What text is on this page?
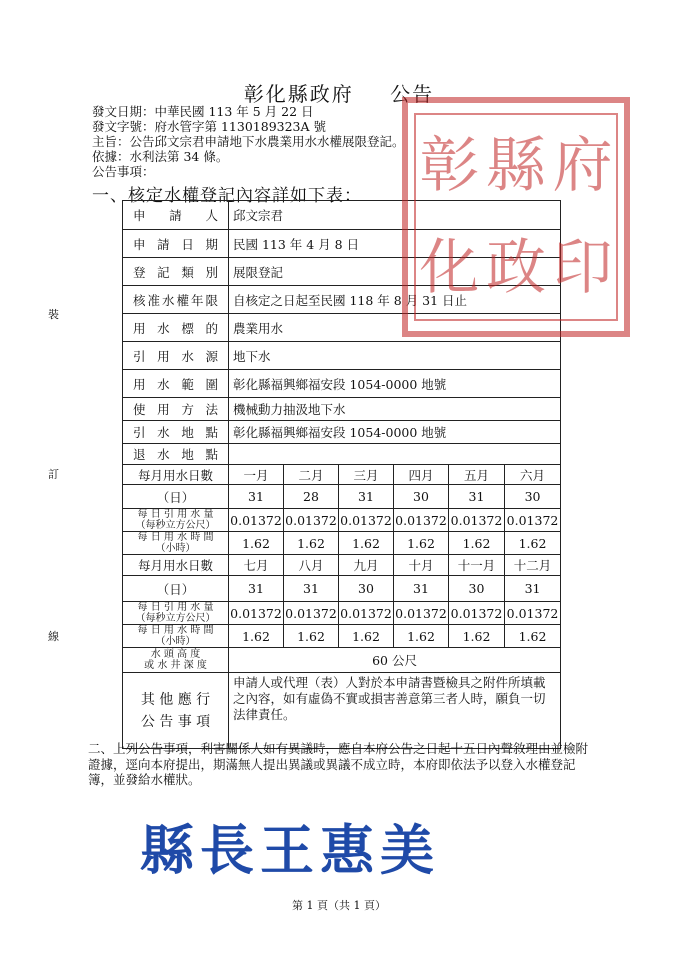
彰化縣政府 公告
發文日期：中華民國 113 年 5 月 22 日
發文字號：府水管字第 1130189323A 號
主旨：公告邱文宗君申請地下水農業用水水權展限登記。
依據：水利法第 34 條。
公告事項：
一、核定水權登記內容詳如下表：
裝
訂
線
申 請 人	邱文宗君					
申 請 日 期	民國 113 年 4 月 8 日					
登 記 類 別	展限登記					
核准水權年限	自核定之日起至民國 118 年 8 月 31 日止					
用 水 標 的	農業用水					
引 用 水 源	地下水					
用 水 範 圍	彰化縣福興鄉福安段 1054-0000 地號					
使 用 方 法	機械動力抽汲地下水					
引 水 地 點	彰化縣福興鄉福安段 1054-0000 地號					
退 水 地 點						
每月用水日數	一月	二月	三月	四月	五月	六月
（日）	31	28	31	30	31	30

每 日 引 用 水 量
（每秒立方公尺）	0.01372	0.01372	0.01372	0.01372	0.01372	0.01372

每 日 用 水 時 間
（小時）	1.62	1.62	1.62	1.62	1.62	1.62
每月用水日數	七月	八月	九月	十月	十一月	十二月
（日）	31	31	30	31	30	31

每 日 引 用 水 量
（每秒立方公尺）	0.01372	0.01372	0.01372	0.01372	0.01372	0.01372

每 日 用 水 時 間
（小時）	1.62	1.62	1.62	1.62	1.62	1.62

水 頭 高 度
或 水 井 深 度	60 公尺					

其 他 應 行
公 告 事 項	申請人或代理（表）人對於本申請書暨檢具之附件所填載之內容，如有虛偽不實或損害善意第三者人時，願負一切法律責任。					
彰 縣 府
化 政 印
二、上列公告事項，利害關係人如有異議時，應自本府公告之日起十五日內聲敘理由並檢附證據，逕向本府提出，期滿無人提出異議或異議不成立時，本府即依法予以登入水權登記簿，並發給水權狀。
縣長王惠美
第 1 頁（共 1 頁）
